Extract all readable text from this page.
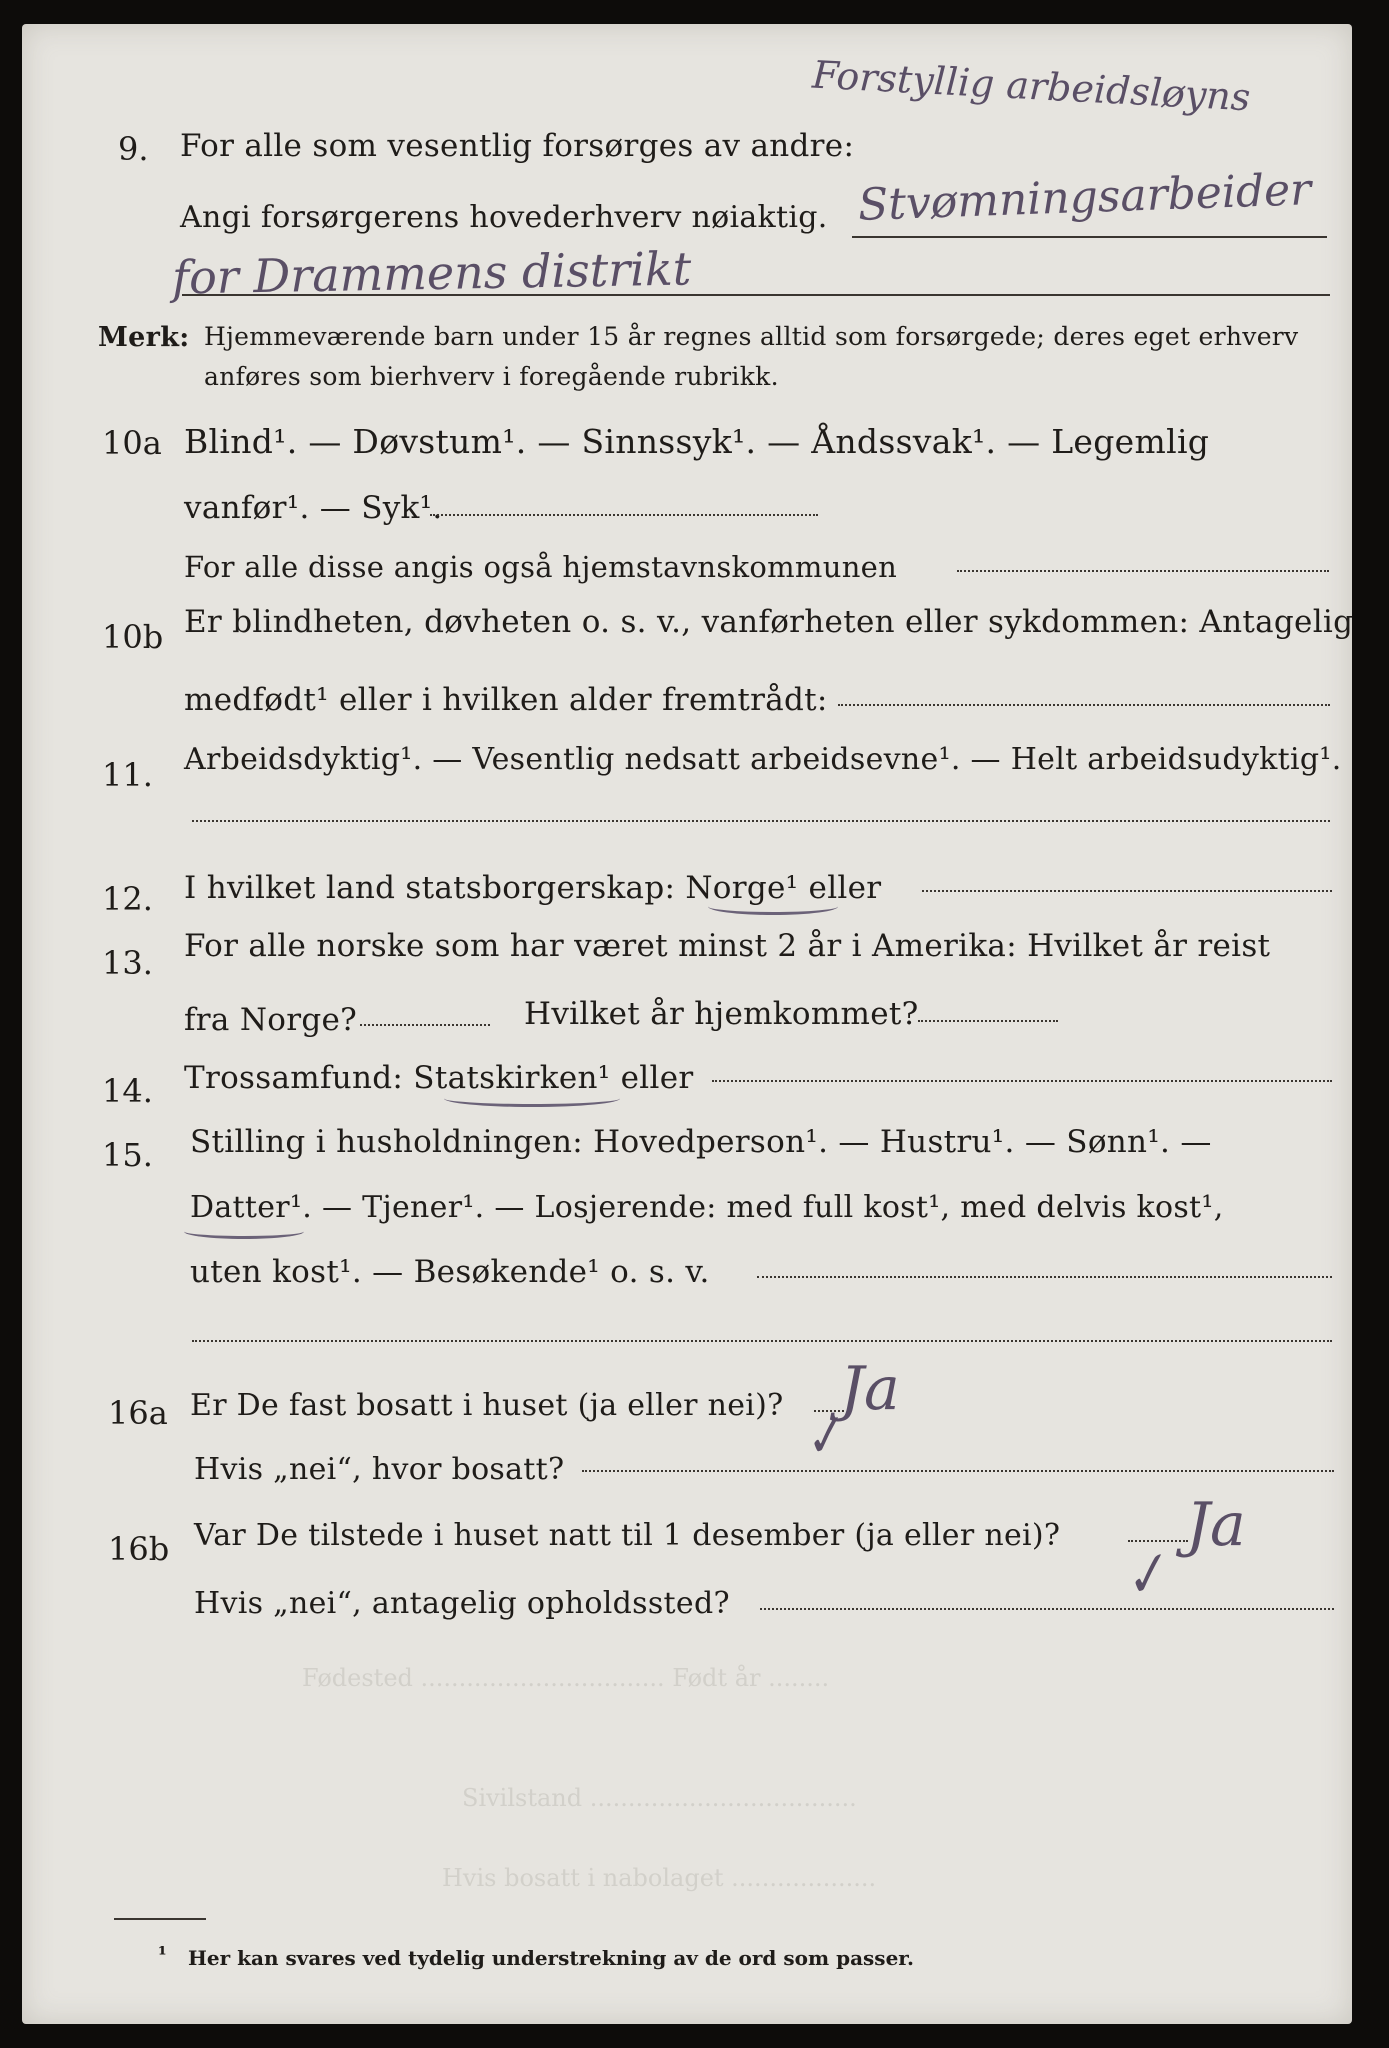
Forstyllig arbeidsløyns
9. For alle som vesentlig forsørges av andre:
Angi forsørgerens hovederhverv nøiaktig. Stvømningsarbeider
for Drammens distrikt
Merk: Hjemmeværende barn under 15 år regnes alltid som forsørgede; deres eget erhverv
anføres som bierhverv i foregående rubrikk.
10a Blind¹. — Døvstum¹. — Sinnssyk¹. — Åndssvak¹. — Legemlig
vanfør¹. — Syk¹.
For alle disse angis også hjemstavnskommunen
10b Er blindheten, døvheten o. s. v., vanførheten eller sykdommen: Antagelig
medfødt¹ eller i hvilken alder fremtrådt:
11. Arbeidsdyktig¹. — Vesentlig nedsatt arbeidsevne¹. — Helt arbeidsudyktig¹.
12. I hvilket land statsborgerskap: Norge¹ eller
13. For alle norske som har været minst 2 år i Amerika: Hvilket år reist
fra Norge?	Hvilket år hjemkommet?
14. Trossamfund: Statskirken¹ eller
15. Stilling i husholdningen: Hovedperson¹. — Hustru¹. — Sønn¹. —
Datter¹. — Tjener¹. — Losjerende: med full kost¹, med delvis kost¹,
uten kost¹. — Besøkende¹ o. s. v.
16a Er De fast bosatt i huset (ja eller nei)? Ja
✓
Hvis „nei“, hvor bosatt?
16b Var De tilstede i huset natt til 1 desember (ja eller nei)? Ja
✓
Hvis „nei“, antagelig opholdssted?
Fødested ................................ Født år ........
Sivilstand ...................................
Hvis bosatt i nabolaget ...................
¹ Her kan svares ved tydelig understrekning av de ord som passer.
